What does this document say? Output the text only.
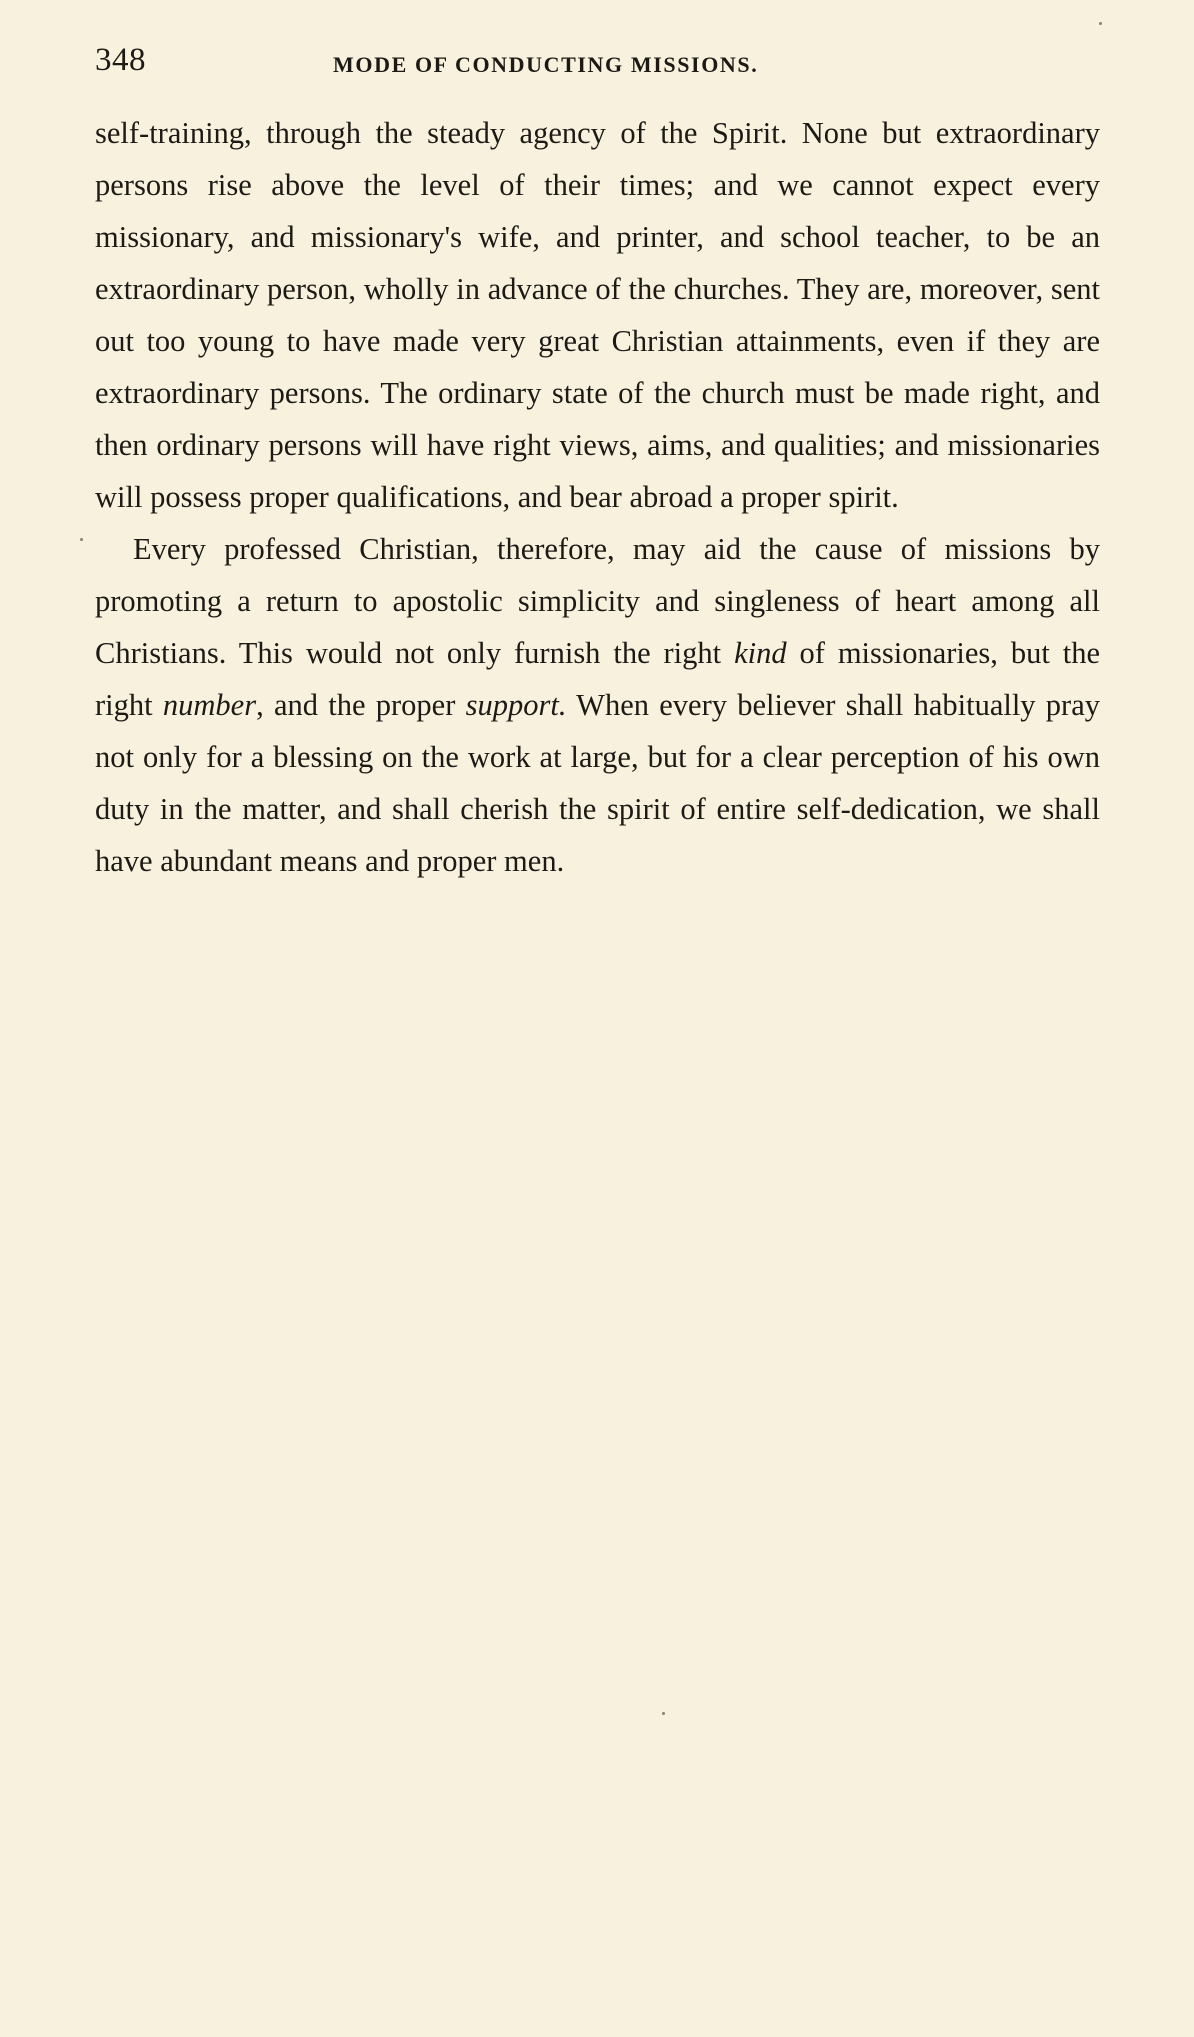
348	MODE OF CONDUCTING MISSIONS.

self-training, through the steady agency of the Spirit. None but extraordinary persons rise above the level of their times; and we cannot expect every missionary, and missionary's wife, and printer, and school teacher, to be an extraordinary person, wholly in advance of the churches. They are, moreover, sent out too young to have made very great Christian attainments, even if they are extraordinary persons. The ordinary state of the church must be made right, and then ordinary persons will have right views, aims, and qualities; and missionaries will possess proper qualifications, and bear abroad a proper spirit.

Every professed Christian, therefore, may aid the cause of missions by promoting a return to apostolic simplicity and singleness of heart among all Christians. This would not only furnish the right kind of missionaries, but the right number, and the proper support. When every believer shall habitually pray not only for a blessing on the work at large, but for a clear perception of his own duty in the matter, and shall cherish the spirit of entire self-dedication, we shall have abundant means and proper men.
